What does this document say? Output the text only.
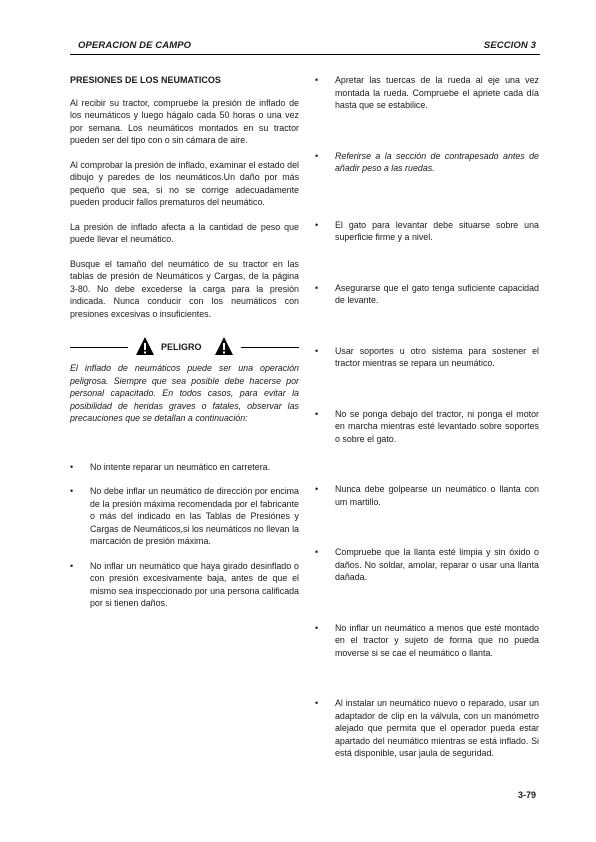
OPERACION DE CAMPO	SECCION 3
PRESIONES DE LOS NEUMATICOS

Al recibir su tractor, compruebe la presión de inflado de los neumáticos y luego hágalo cada 50 horas o una vez por semana. Los neumáticos montados en su tractor pueden ser del tipo con o sin cámara de aire.

Al comprobar la presión de inflado, examinar el estado del dibujo y paredes de los neumáticos.Un daño por más pequeño que sea, si no se corrige adecuadamente pueden producir fallos prematuros del neumático.

La presión de inflado afecta a la cantidad de peso que puede llevar el neumático.

Busque el tamaño del neumático de su tractor en las tablas de presión de Neumáticos y Cargas, de la página 3-80. No debe excederse la carga para la presión indicada. Nunca conducir con los neumáticos con presiones excesivas o insuficientes.

PELIGRO

El inflado de neumáticos puede ser una operación peligrosa. Siempre que sea posible debe hacerse por personal capacitado. En todos casos, para evitar la posibilidad de heridas graves o fatales, observar las precauciones que se detallan a continuación:

• No intente reparar un neumático en carretera.
• No debe inflar un neumático de dirección por encima de la presión máxima recomendada por el fabricante o más del indicado en las Tablas de Presiónes y Cargas de Neumáticos,si los neumáticos no llevan la marcación de presión máxima.
• No inflar un neumático que haya girado desinflado o con presión excesivamente baja, antes de que el mismo sea inspeccionado por una persona calificada por si tienen daños.
• Apretar las tuercas de la rueda al eje una vez montada la rueda. Compruebe el apriete cada día hasta que se estabilice.
• Referirse a la sección de contrapesado antes de añadir peso a las ruedas.
• El gato para levantar debe situarse sobre una superficie firme y a nivel.
• Asegurarse que el gato tenga suficiente capacidad de levante.
• Usar soportes u otro sistema para sostener el tractor mientras se repara un neumático.
• No se ponga debajo del tractor, ni ponga el motor en marcha mientras esté levantado sobre soportes o sobre el gato.
• Nunca debe golpearse un neumático o llanta con um martillo.
• Compruebe que la llanta esté limpia y sin óxido o daños. No soldar, amolar, reparar o usar una llanta dañada.
• No inflar un neumático a menos que esté montado en el tractor y sujeto de forma que no pueda moverse si se cae el neumático o llanta.
• Al instalar un neumático nuevo o reparado, usar un adaptador de clip en la válvula, con un manómetro alejado que permita que el operador pueda estar apartado del neumático mientras se está inflado. Si está disponible, usar jaula de seguridad.
3-79
